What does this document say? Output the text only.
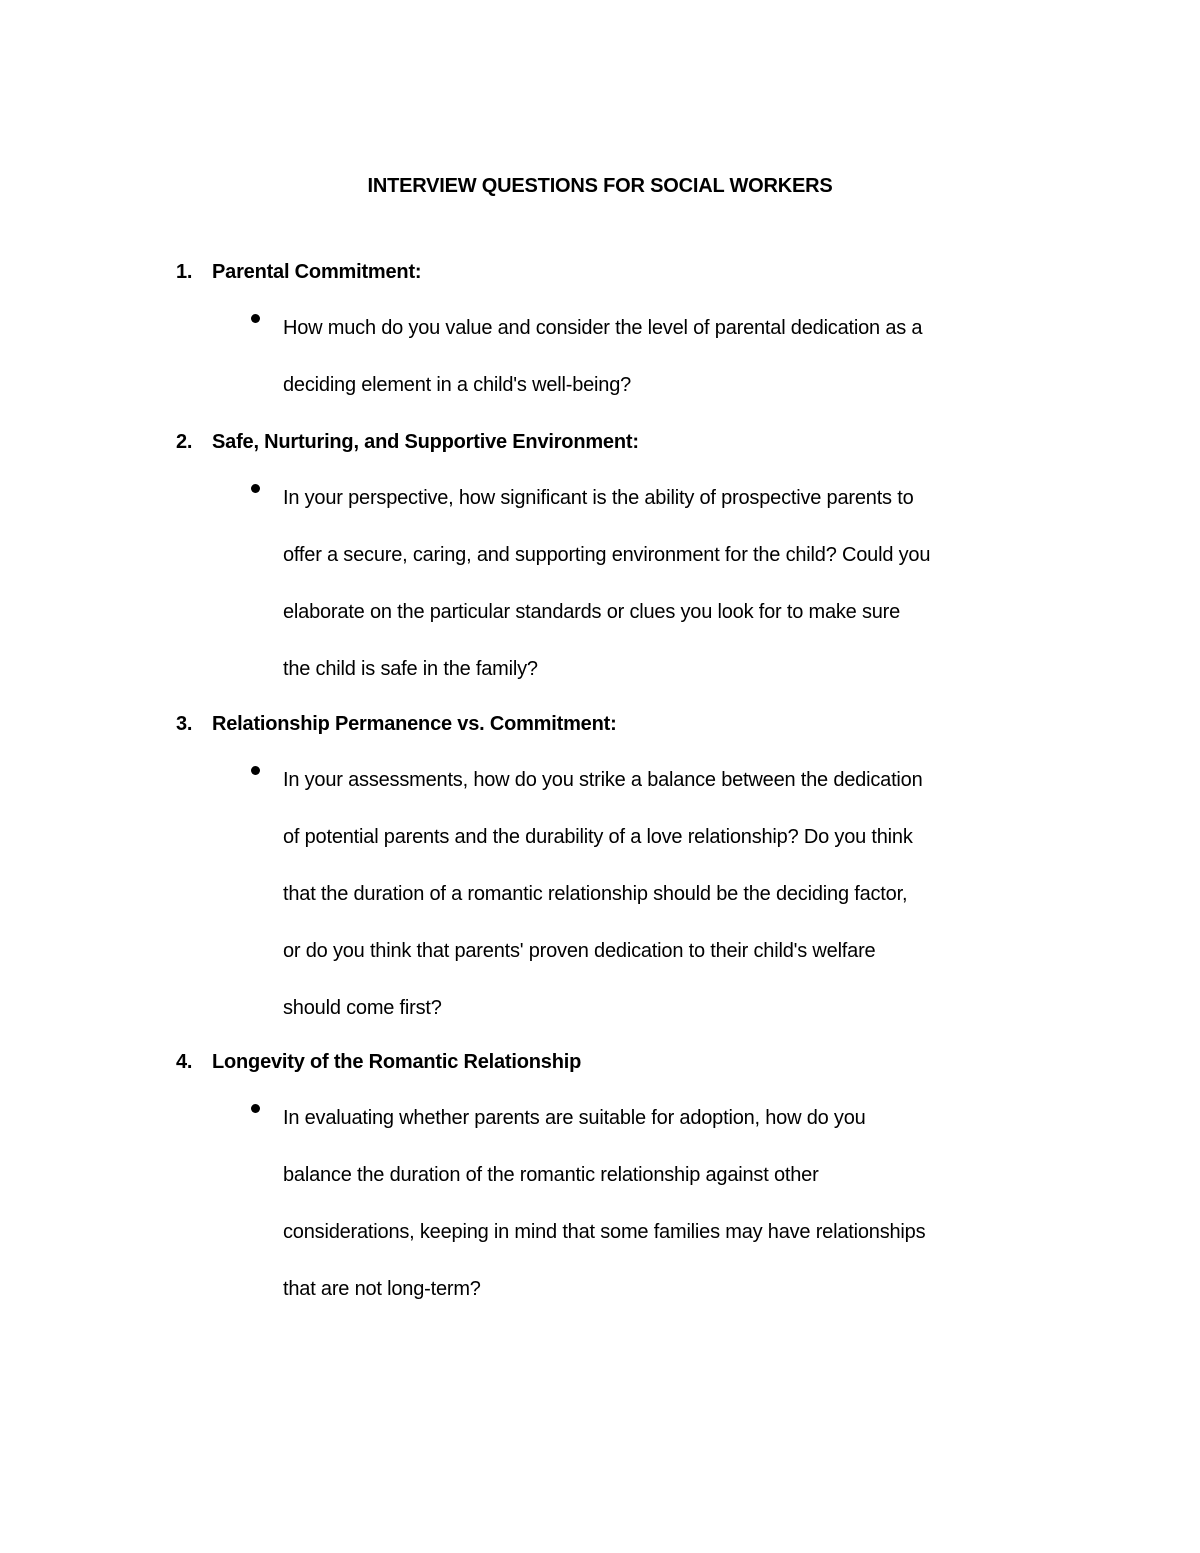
INTERVIEW QUESTIONS FOR SOCIAL WORKERS
1. Parental Commitment:

How much do you value and consider the level of parental dedication as a
deciding element in a child's well-being?

2. Safe, Nurturing, and Supportive Environment:

In your perspective, how significant is the ability of prospective parents to
offer a secure, caring, and supporting environment for the child? Could you
elaborate on the particular standards or clues you look for to make sure
the child is safe in the family?

3. Relationship Permanence vs. Commitment:

In your assessments, how do you strike a balance between the dedication
of potential parents and the durability of a love relationship? Do you think
that the duration of a romantic relationship should be the deciding factor,
or do you think that parents' proven dedication to their child's welfare
should come first?

4. Longevity of the Romantic Relationship

In evaluating whether parents are suitable for adoption, how do you
balance the duration of the romantic relationship against other
considerations, keeping in mind that some families may have relationships
that are not long-term?
